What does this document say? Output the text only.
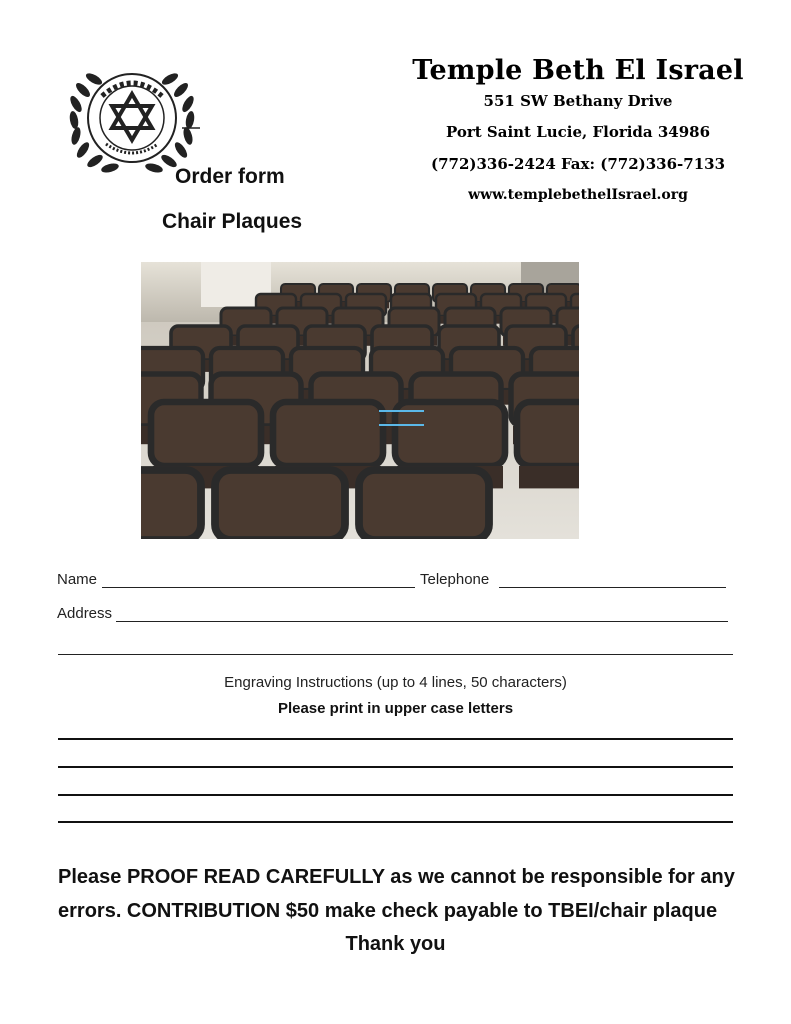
Temple Beth El Israel
551 SW Bethany Drive
Port Saint Lucie, Florida 34986
(772)336-2424 Fax: (772)336-7133
www.templebethelIsrael.org
Order form
Chair Plaques
Name	Telephone
Address
Engraving Instructions (up to 4 lines, 50 characters)
Please print in upper case letters
Please PROOF READ CAREFULLY as we cannot be responsible for any
errors. CONTRIBUTION $50 make check payable to TBEI/chair plaque
Thank you
